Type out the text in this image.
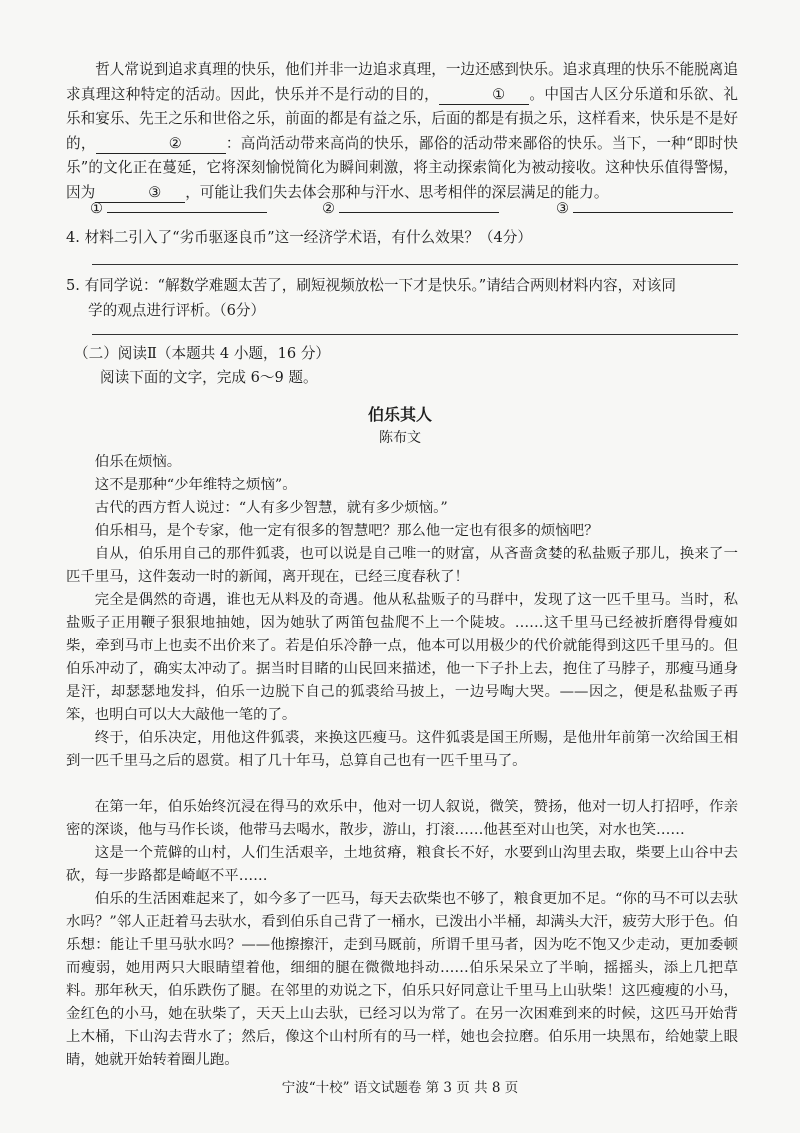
哲人常说到追求真理的快乐，他们并非一边追求真理，一边还感到快乐。追求真理的快乐不能脱离追求真理这种特定的活动。因此，快乐并不是行动的目的，	① 。中国古人区分乐道和乐欲、礼乐和宴乐、先王之乐和世俗之乐，前面的都是有益之乐，后面的都是有损之乐，这样看来，快乐是不是好的，	②	：高尚活动带来高尚的快乐，鄙俗的活动带来鄙俗的快乐。当下，一种“即时快乐”的文化正在蔓延，它将深刻愉悦简化为瞬间刺激，将主动探索简化为被动接收。这种快乐值得警惕，因为	③ ，可能让我们失去体会那种与汗水、思考相伴的深层满足的能力。
①	②	③
4. 材料二引入了“劣币驱逐良币”这一经济学术语，有什么效果？（4分）
5. 有同学说：“解数学难题太苦了，刷短视频放松一下才是快乐。”请结合两则材料内容，对该同
学的观点进行评析。（6分）
（二）阅读Ⅱ（本题共 4 小题，16 分）
阅读下面的文字，完成 6～9 题。
伯乐其人
陈布文
伯乐在烦恼。
这不是那种“少年维特之烦恼”。
古代的西方哲人说过：“人有多少智慧，就有多少烦恼。”
伯乐相马，是个专家，他一定有很多的智慧吧？那么他一定也有很多的烦恼吧？
自从，伯乐用自己的那件狐裘，也可以说是自己唯一的财富，从吝啬贪婪的私盐贩子那儿，换来了一匹千里马，这件轰动一时的新闻，离开现在，已经三度春秋了！
完全是偶然的奇遇，谁也无从料及的奇遇。他从私盐贩子的马群中，发现了这一匹千里马。当时，私盐贩子正用鞭子狠狠地抽她，因为她驮了两笛包盐爬不上一个陡坡。……这千里马已经被折磨得骨瘦如柴，牵到马市上也卖不出价来了。若是伯乐冷静一点，他本可以用极少的代价就能得到这匹千里马的。但伯乐冲动了，确实太冲动了。据当时目睹的山民回来描述，他一下子扑上去，抱住了马脖子，那瘦马通身是汗，却瑟瑟地发抖，伯乐一边脱下自己的狐裘给马披上，一边号啕大哭。——因之，便是私盐贩子再笨，也明白可以大大敲他一笔的了。
终于，伯乐决定，用他这件狐裘，来换这匹瘦马。这件狐裘是国王所赐，是他卅年前第一次给国王相到一匹千里马之后的恩赏。相了几十年马，总算自己也有一匹千里马了。
在第一年，伯乐始终沉浸在得马的欢乐中，他对一切人叙说，微笑，赞扬，他对一切人打招呼，作亲密的深谈，他与马作长谈，他带马去喝水，散步，游山，打滚……他甚至对山也笑，对水也笑……
这是一个荒僻的山村，人们生活艰辛，土地贫瘠，粮食长不好，水要到山沟里去取，柴要上山谷中去砍，每一步路都是崎岖不平……
伯乐的生活困难起来了，如今多了一匹马，每天去砍柴也不够了，粮食更加不足。“你的马不可以去驮水吗？”邻人正赶着马去驮水，看到伯乐自己背了一桶水，已泼出小半桶，却满头大汗，疲劳大形于色。伯乐想：能让千里马驮水吗？——他擦擦汗，走到马厩前，所谓千里马者，因为吃不饱又少走动，更加委顿而瘦弱，她用两只大眼睛望着他，细细的腿在微微地抖动……伯乐呆呆立了半晌，摇摇头，添上几把草料。 那年秋天，伯乐跌伤了腿。在邻里的劝说之下，伯乐只好同意让千里马上山驮柴！这匹瘦瘦的小马，金红色的小马，她在驮柴了，天天上山去驮，已经习以为常了。在另一次困难到来的时候，这匹马开始背上木桶，下山沟去背水了；然后，像这个山村所有的马一样，她也会拉磨。伯乐用一块黑布，给她蒙上眼睛，她就开始转着圈儿跑。
宁波“十校” 语文试题卷 第 3 页 共 8 页
